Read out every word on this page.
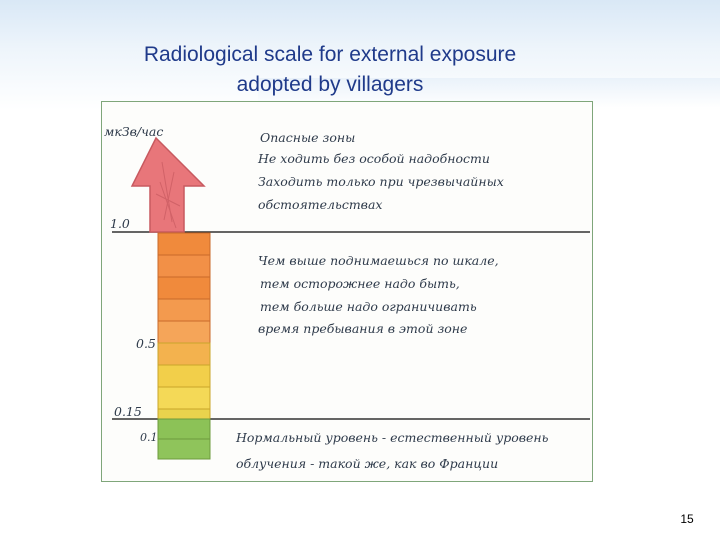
Radiological scale for external exposure
adopted by villagers
мкЗв/час
1.0
0.5
0.15
0.1
Опасные зоны
Не ходить без особой надобности
Заходить только при чрезвычайных
обстоятельствах
Чем выше поднимаешься по шкале,
тем осторожнее надо быть,
тем больше надо ограничивать
время пребывания в этой зоне
Нормальный уровень - естественный уровень
облучения - такой же, как во Франции
15
